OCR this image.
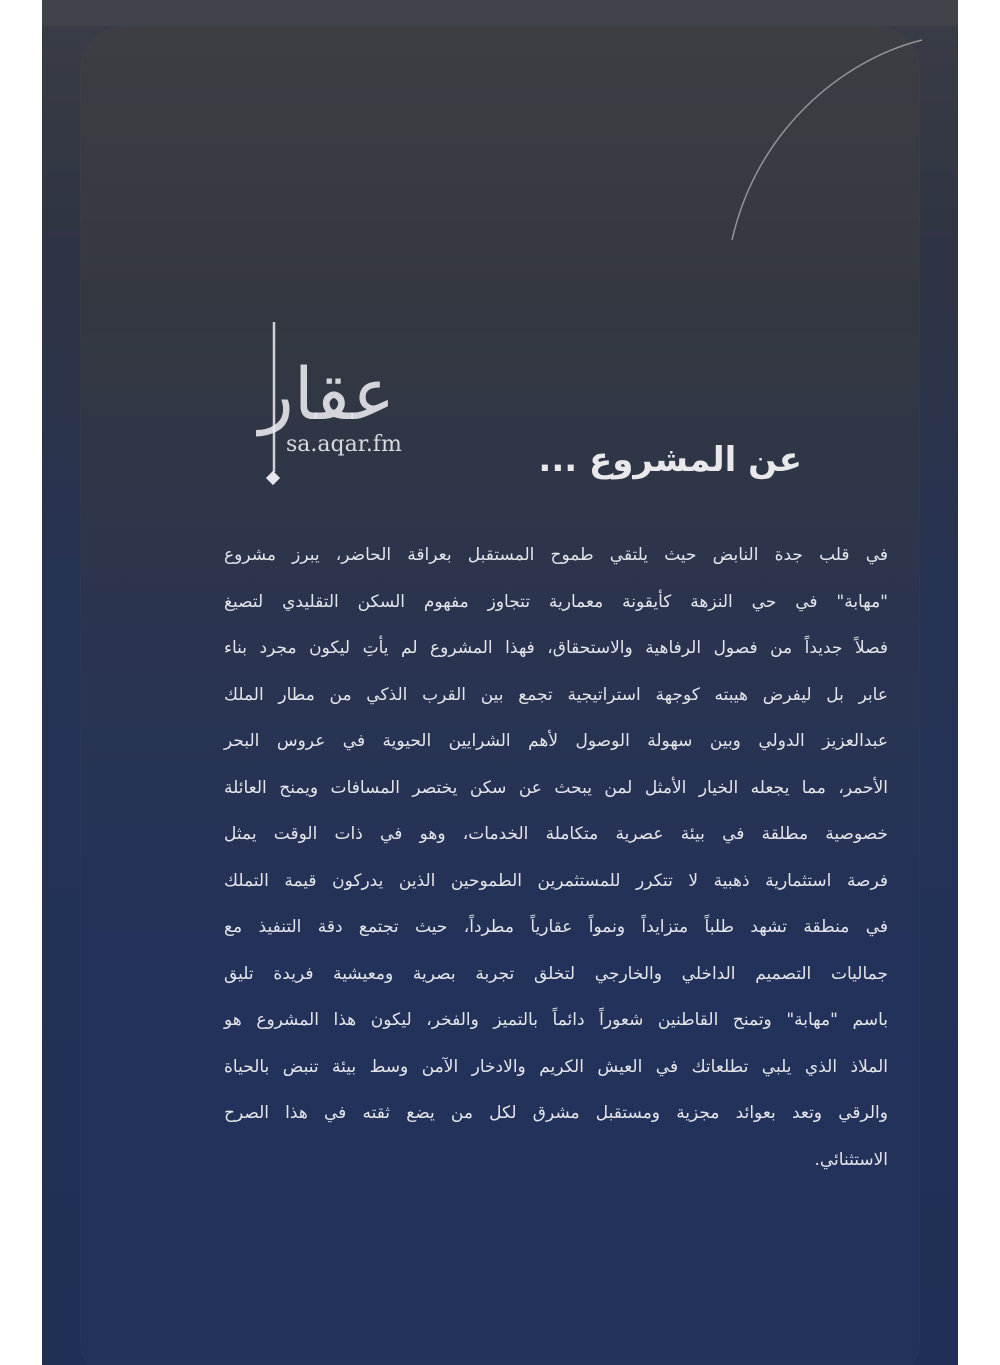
عقار
sa.aqar.fm	عن المشروع ...
في قلب جدة النابض حيث يلتقي طموح المستقبل بعراقة الحاضر، يبرز مشروع
"مهابة" في حي النزهة كأيقونة معمارية تتجاوز مفهوم السكن التقليدي لتصيغ
فصلاً جديداً من فصول الرفاهية والاستحقاق، فهذا المشروع لم يأتِ ليكون مجرد بناء
عابر بل ليفرض هيبته كوجهة استراتيجية تجمع بين القرب الذكي من مطار الملك
عبدالعزيز الدولي وبين سهولة الوصول لأهم الشرايين الحيوية في عروس البحر
الأحمر، مما يجعله الخيار الأمثل لمن يبحث عن سكن يختصر المسافات ويمنح العائلة
خصوصية مطلقة في بيئة عصرية متكاملة الخدمات، وهو في ذات الوقت يمثل
فرصة استثمارية ذهبية لا تتكرر للمستثمرين الطموحين الذين يدركون قيمة التملك
في منطقة تشهد طلباً متزايداً ونمواً عقارياً مطرداً، حيث تجتمع دقة التنفيذ مع
جماليات التصميم الداخلي والخارجي لتخلق تجربة بصرية ومعيشية فريدة تليق
باسم "مهابة" وتمنح القاطنين شعوراً دائماً بالتميز والفخر، ليكون هذا المشروع هو
الملاذ الذي يلبي تطلعاتك في العيش الكريم والادخار الآمن وسط بيئة تنبض بالحياة
والرقي وتعد بعوائد مجزية ومستقبل مشرق لكل من يضع ثقته في هذا الصرح
الاستثنائي.
